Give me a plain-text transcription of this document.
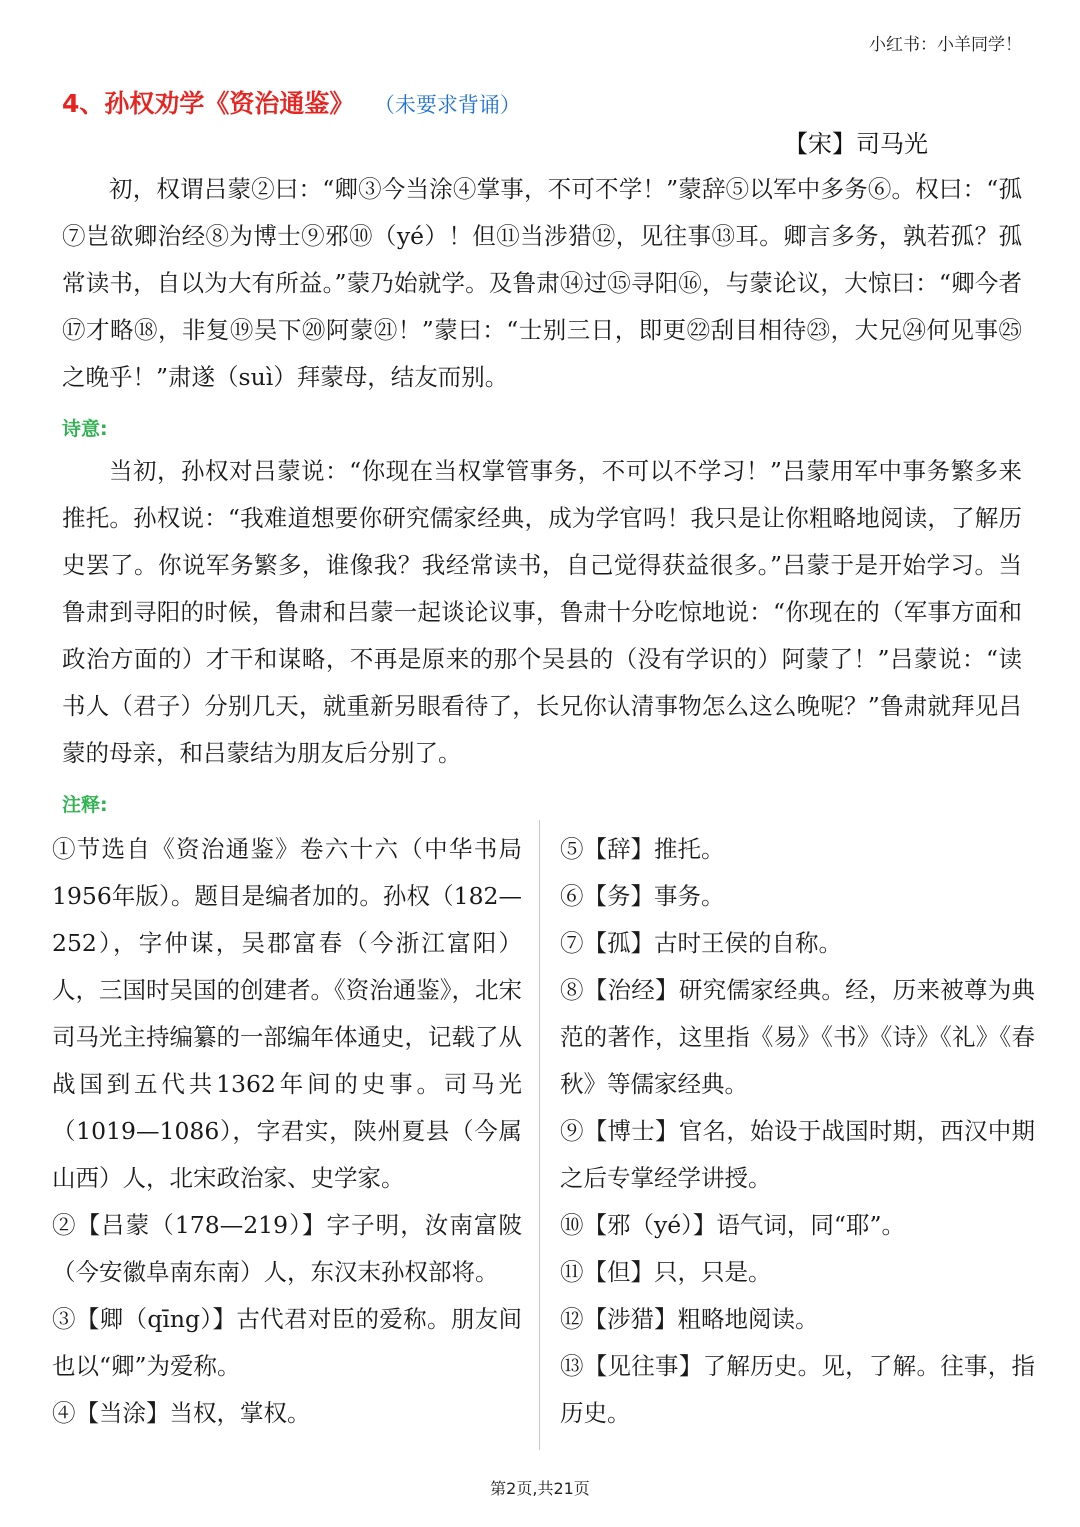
小红书：小羊同学！
4、孙权劝学《资治通鉴》 （未要求背诵）
【宋】司马光

初，权谓吕蒙②曰：“卿③今当涂④掌事，不可不学！”蒙辞⑤以军中多务⑥。权曰：“孤⑦岂欲卿治经⑧为博士⑨邪⑩（yé）！但⑪当涉猎⑫，见往事⑬耳。卿言多务，孰若孤？孤常读书，自以为大有所益。”蒙乃始就学。及鲁肃⑭过⑮寻阳⑯，与蒙论议，大惊曰：“卿今者⑰才略⑱，非复⑲吴下⑳阿蒙㉑！”蒙曰：“士别三日，即更㉒刮目相待㉓，大兄㉔何见事㉕之晚乎！”肃遂（suì）拜蒙母，结友而别。

诗意:

当初，孙权对吕蒙说：“你现在当权掌管事务，不可以不学习！”吕蒙用军中事务繁多来推托。孙权说：“我难道想要你研究儒家经典，成为学官吗！我只是让你粗略地阅读，了解历史罢了。你说军务繁多，谁像我？我经常读书，自己觉得获益很多。”吕蒙于是开始学习。当鲁肃到寻阳的时候，鲁肃和吕蒙一起谈论议事，鲁肃十分吃惊地说：“你现在的（军事方面和政治方面的）才干和谋略，不再是原来的那个吴县的（没有学识的）阿蒙了！”吕蒙说：“读书人（君子）分别几天，就重新另眼看待了，长兄你认清事物怎么这么晚呢？”鲁肃就拜见吕蒙的母亲，和吕蒙结为朋友后分别了。

注释:
①节选自《资治通鉴》卷六十六（中华书局1956年版）。题目是编者加的。孙权（182—252），字仲谋，吴郡富春（今浙江富阳）人，三国时吴国的创建者。《资治通鉴》，北宋司马光主持编纂的一部编年体通史，记载了从战国到五代共1362年间的史事。司马光（1019—1086），字君实，陕州夏县（今属山西）人，北宋政治家、史学家。
②【吕蒙（178—219）】字子明，汝南富陂（今安徽阜南东南）人，东汉末孙权部将。
③【卿（qīng）】古代君对臣的爱称。朋友间也以“卿”为爱称。
④【当涂】当权，掌权。
⑤【辞】推托。
⑥【务】事务。
⑦【孤】古时王侯的自称。
⑧【治经】研究儒家经典。经，历来被尊为典范的著作，这里指《易》《书》《诗》《礼》《春秋》等儒家经典。
⑨【博士】官名，始设于战国时期，西汉中期之后专掌经学讲授。
⑩【邪（yé）】语气词，同“耶”。
⑪【但】只，只是。
⑫【涉猎】粗略地阅读。
⑬【见往事】了解历史。见，了解。往事，指历史。
第2页,共21页
